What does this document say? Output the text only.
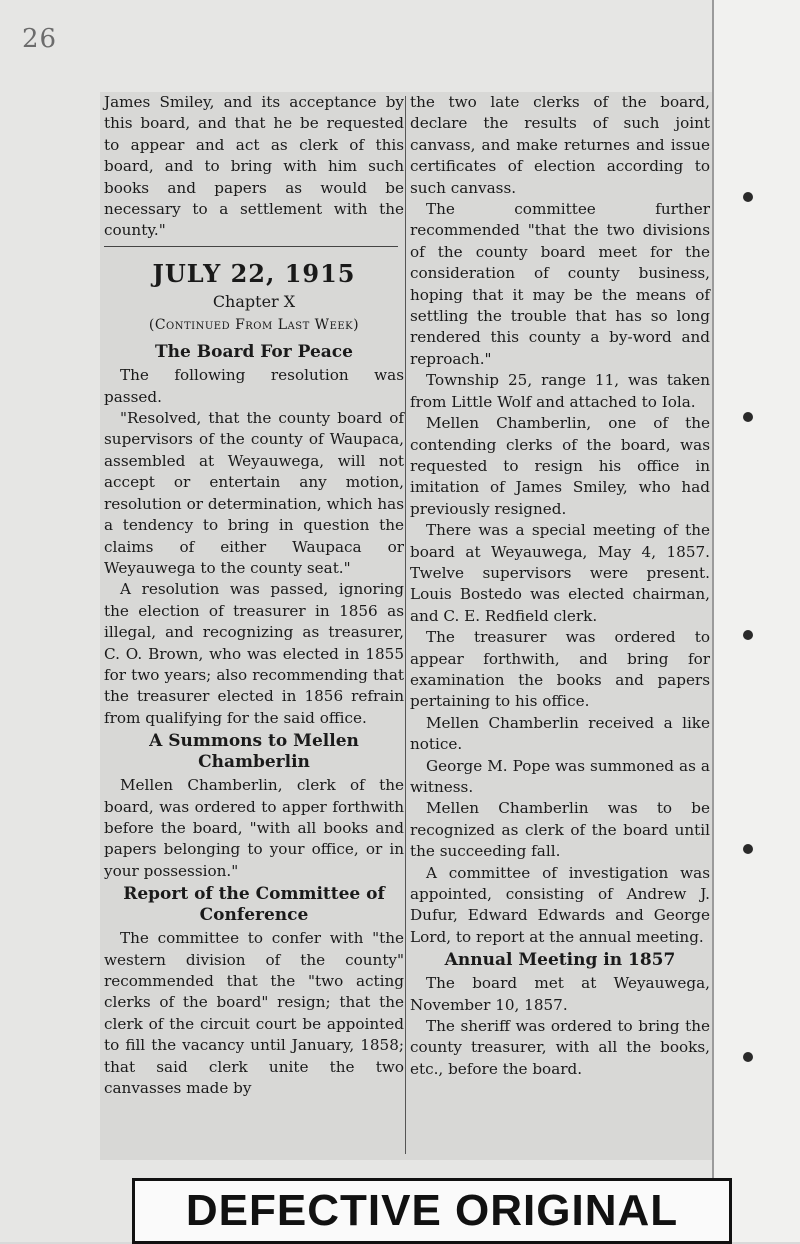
26

James Smiley, and its acceptance by this board, and that he be requested to appear and act as clerk of this board, and to bring with him such books and papers as would be necessary to a settlement with the county."

JULY 22, 1915
Chapter X
(Continued From Last Week)
The Board For Peace

The following resolution was passed.

"Resolved, that the county board of supervisors of the county of Waupaca, assembled at Weyauwega, will not accept or entertain any motion, resolution or determination, which has a tendency to bring in question the claims of either Waupaca or Weyauwega to the county seat."

A resolution was passed, ignoring the election of treasurer in 1856 as illegal, and recognizing as treasurer, C. O. Brown, who was elected in 1855 for two years; also recommending that the treasurer elected in 1856 refrain from qualifying for the said office.

A Summons to Mellen Chamberlin

Mellen Chamberlin, clerk of the board, was ordered to apper forthwith before the board, "with all books and papers belonging to your office, or in your possession."

Report of the Committee of Conference

The committee to confer with "the western division of the county" recommended that the "two acting clerks of the board" resign; that the clerk of the circuit court be appointed to fill the vacancy until January, 1858; that said clerk unite the two canvasses made by

the two late clerks of the board, declare the results of such joint canvass, and make returnes and issue certificates of election according to such canvass.

The committee further recommended "that the two divisions of the county board meet for the consideration of county business, hoping that it may be the means of settling the trouble that has so long rendered this county a by-word and reproach."

Township 25, range 11, was taken from Little Wolf and attached to Iola.

Mellen Chamberlin, one of the contending clerks of the board, was requested to resign his office in imitation of James Smiley, who had previously resigned.

There was a special meeting of the board at Weyauwega, May 4, 1857. Twelve supervisors were present. Louis Bostedo was elected chairman, and C. E. Redfield clerk.

The treasurer was ordered to appear forthwith, and bring for examination the books and papers pertaining to his office.

Mellen Chamberlin received a like notice.

George M. Pope was summoned as a witness.

Mellen Chamberlin was to be recognized as clerk of the board until the succeeding fall.

A committee of investigation was appointed, consisting of Andrew J. Dufur, Edward Edwards and George Lord, to report at the annual meeting.

Annual Meeting in 1857

The board met at Weyauwega, November 10, 1857.

The sheriff was ordered to bring the county treasurer, with all the books, etc., before the board.

DEFECTIVE ORIGINAL
